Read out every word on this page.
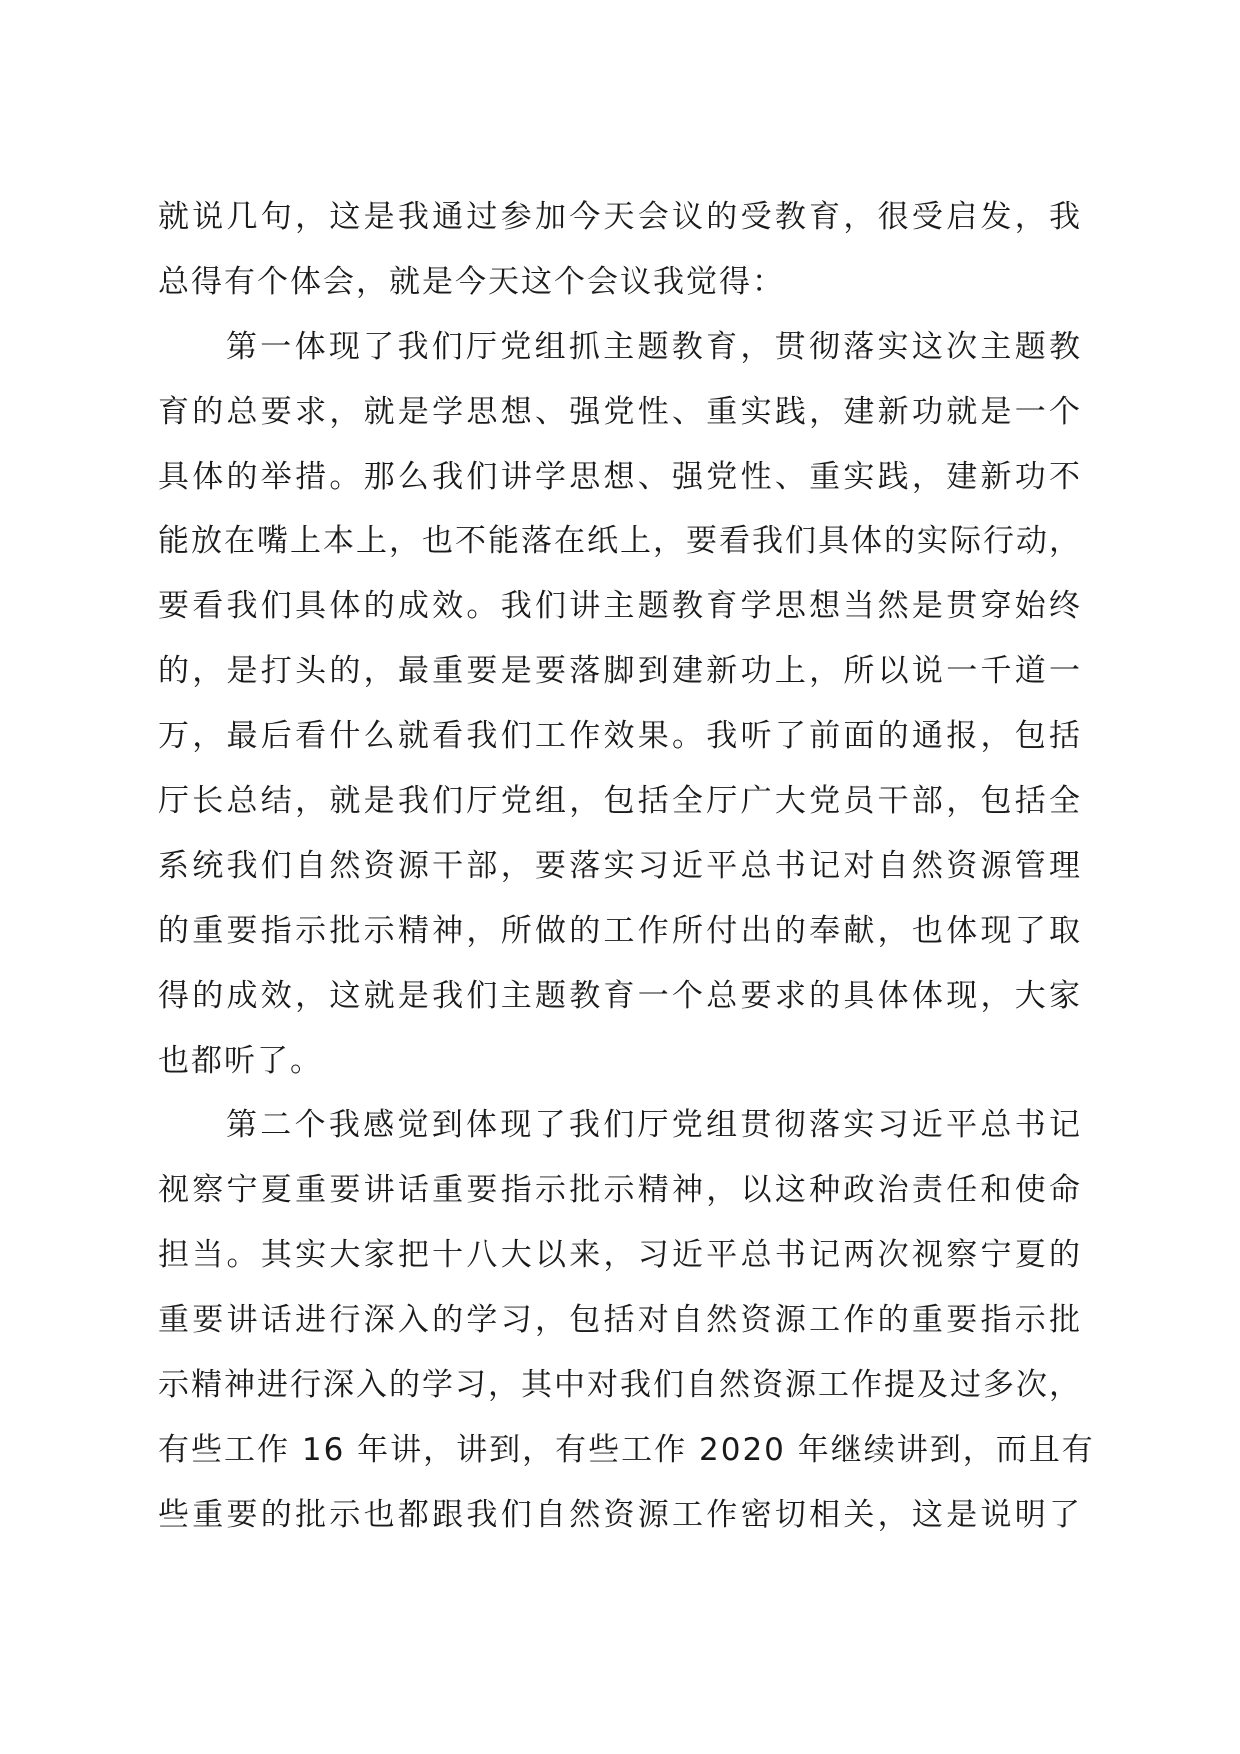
就说几句，这是我通过参加今天会议的受教育，很受启发，我
总得有个体会，就是今天这个会议我觉得：
第一体现了我们厅党组抓主题教育，贯彻落实这次主题教
育的总要求，就是学思想、强党性、重实践，建新功就是一个
具体的举措。那么我们讲学思想、强党性、重实践，建新功不
能放在嘴上本上，也不能落在纸上，要看我们具体的实际行动，
要看我们具体的成效。我们讲主题教育学思想当然是贯穿始终
的，是打头的，最重要是要落脚到建新功上，所以说一千道一
万，最后看什么就看我们工作效果。我听了前面的通报，包括
厅长总结，就是我们厅党组，包括全厅广大党员干部，包括全
系统我们自然资源干部，要落实习近平总书记对自然资源管理
的重要指示批示精神，所做的工作所付出的奉献，也体现了取
得的成效，这就是我们主题教育一个总要求的具体体现，大家
也都听了。
第二个我感觉到体现了我们厅党组贯彻落实习近平总书记
视察宁夏重要讲话重要指示批示精神，以这种政治责任和使命
担当。其实大家把十八大以来，习近平总书记两次视察宁夏的
重要讲话进行深入的学习，包括对自然资源工作的重要指示批
示精神进行深入的学习，其中对我们自然资源工作提及过多次，
有些工作 16 年讲，讲到，有些工作 2020 年继续讲到，而且有
些重要的批示也都跟我们自然资源工作密切相关，这是说明了
